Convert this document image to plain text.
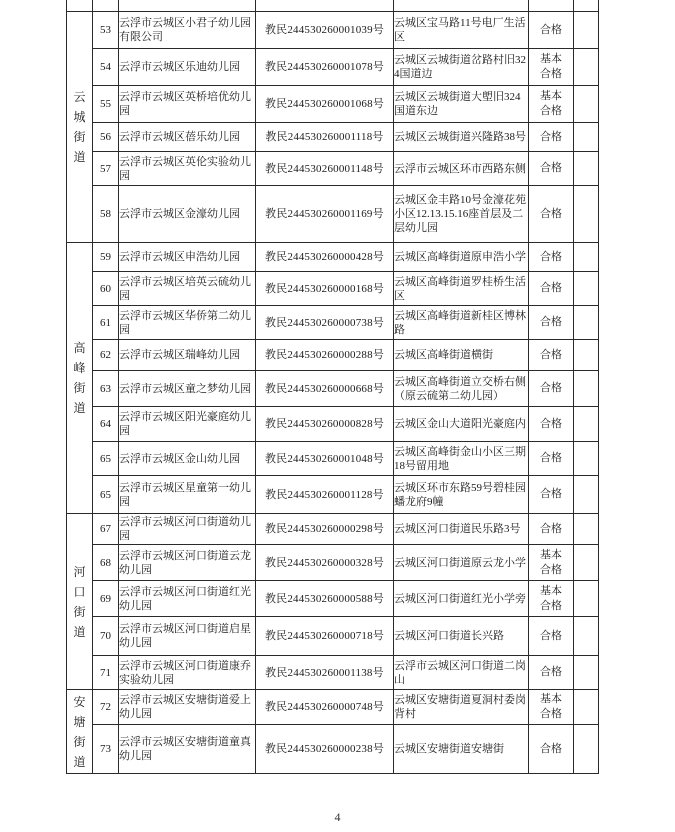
云城街道	53	云浮市云城区小君子幼儿园有限公司	教民244530260001039号	云城区宝马路11号电厂生活区	合格	

	54	云浮市云城区乐迪幼儿园	教民244530260001078号	云城区云城街道岔路村旧324国道边	基本合格	

	55	云浮市云城区英桥培优幼儿园	教民244530260001068号	云城区云城街道大塱旧324国道东边	基本合格	

	56	云浮市云城区蓓乐幼儿园	教民244530260001118号	云城区云城街道兴隆路38号	合格	

	57	云浮市云城区英伦实验幼儿园	教民244530260001148号	云浮市云城区环市西路东侧	合格	

	58	云浮市云城区金濠幼儿园	教民244530260001169号	云城区金丰路10号金濠花苑小区12.13.15.16座首层及二层幼儿园	合格	

高峰街道	59	云浮市云城区申浩幼儿园	教民244530260000428号	云城区高峰街道原申浩小学	合格	

	60	云浮市云城区培英云硫幼儿园	教民244530260000168号	云城区高峰街道罗桂桥生活区	合格	

	61	云浮市云城区华侨第二幼儿园	教民244530260000738号	云城区高峰街道新桂区博林路	合格	

	62	云浮市云城区瑞峰幼儿园	教民244530260000288号	云城区高峰街道横街	合格	

	63	云浮市云城区童之梦幼儿园	教民244530260000668号	云城区高峰街道立交桥右侧（原云硫第二幼儿园）	合格	

	64	云浮市云城区阳光豪庭幼儿园	教民244530260000828号	云城区金山大道阳光豪庭内	合格	

	65	云浮市云城区金山幼儿园	教民244530260001048号	云城区高峰街金山小区三期18号留用地	合格	

	65	云浮市云城区星童第一幼儿园	教民244530260001128号	云城区环市东路59号碧桂园蟠龙府9幢	合格	

河口街道	67	云浮市云城区河口街道幼儿园	教民244530260000298号	云城区河口街道民乐路3号	合格	

	68	云浮市云城区河口街道云龙幼儿园	教民244530260000328号	云城区河口街道原云龙小学	基本合格	

	69	云浮市云城区河口街道红光幼儿园	教民244530260000588号	云城区河口街道红光小学旁	基本合格	

	70	云浮市云城区河口街道启星幼儿园	教民244530260000718号	云城区河口街道长兴路	合格	

	71	云浮市云城区河口街道康乔实验幼儿园	教民244530260001138号	云浮市云城区河口街道二岗山	合格	

安塘街道	72	云浮市云城区安塘街道爱上幼儿园	教民244530260000748号	云城区安塘街道夏洞村委岗背村	基本合格	

	73	云浮市云城区安塘街道童真幼儿园	教民244530260000238号	云城区安塘街道安塘街	合格	

4
